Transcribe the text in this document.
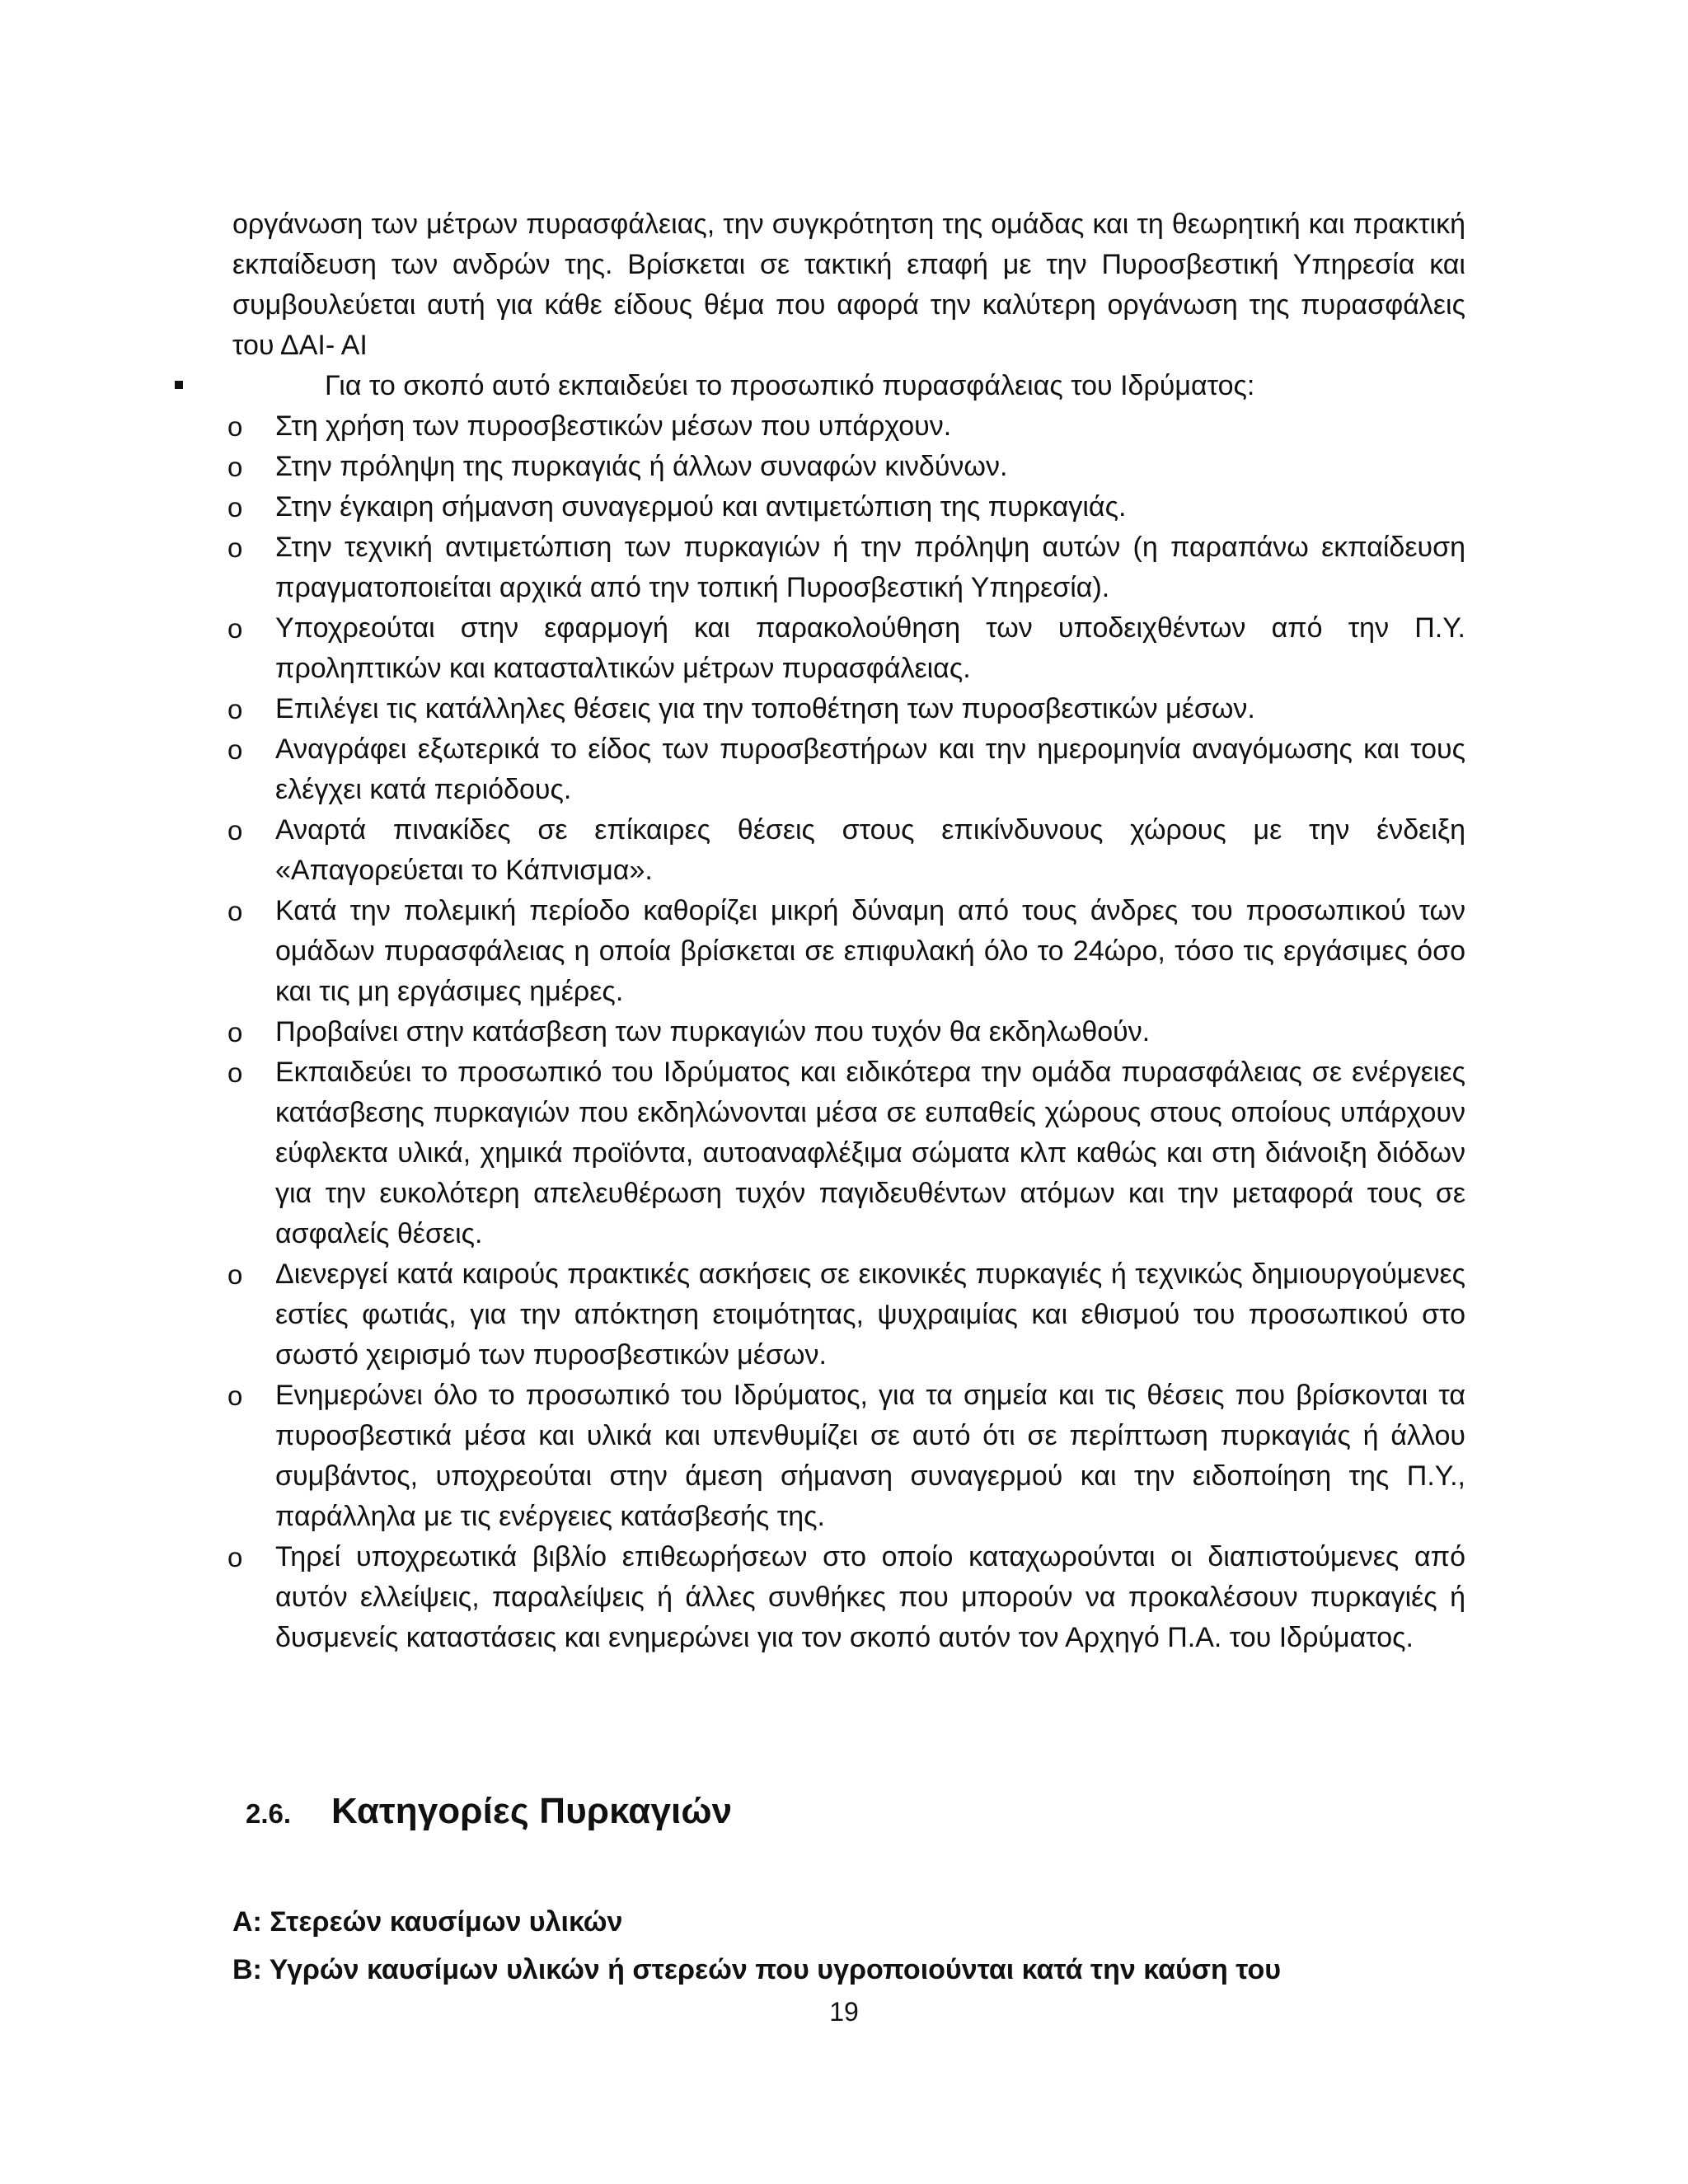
οργάνωση των μέτρων πυρασφάλειας, την συγκρότητση της ομάδας και τη θεωρητική και πρακτική εκπαίδευση των ανδρών της. Βρίσκεται σε τακτική επαφή με την Πυροσβεστική Υπηρεσία και συμβουλεύεται αυτή για κάθε είδους θέμα που αφορά την καλύτερη οργάνωση της πυρασφάλεις του ΔΑΙ- ΑΙ

Για το σκοπό αυτό εκπαιδεύει το προσωπικό πυρασφάλειας του Ιδρύματος:

o Στη χρήση των πυροσβεστικών μέσων που υπάρχουν.
o Στην πρόληψη της πυρκαγιάς ή άλλων συναφών κινδύνων.
o Στην έγκαιρη σήμανση συναγερμού και αντιμετώπιση της πυρκαγιάς.
o Στην τεχνική αντιμετώπιση των πυρκαγιών ή την πρόληψη αυτών (η παραπάνω εκπαίδευση πραγματοποιείται αρχικά από την τοπική Πυροσβεστική Υπηρεσία).
o Υποχρεούται στην εφαρμογή και παρακολούθηση των υποδειχθέντων από την Π.Υ. προληπτικών και κατασταλτικών μέτρων πυρασφάλειας.
o Επιλέγει τις κατάλληλες θέσεις για την τοποθέτηση των πυροσβεστικών μέσων.
o Αναγράφει εξωτερικά το είδος των πυροσβεστήρων και την ημερομηνία αναγόμωσης και τους ελέγχει κατά περιόδους.
o Αναρτά πινακίδες σε επίκαιρες θέσεις στους επικίνδυνους χώρους με την ένδειξη «Απαγορεύεται το Κάπνισμα».
o Κατά την πολεμική περίοδο καθορίζει μικρή δύναμη από τους άνδρες του προσωπικού των ομάδων πυρασφάλειας η οποία βρίσκεται σε επιφυλακή όλο το 24ώρο, τόσο τις εργάσιμες όσο και τις μη εργάσιμες ημέρες.
o Προβαίνει στην κατάσβεση των πυρκαγιών που τυχόν θα εκδηλωθούν.
o Εκπαιδεύει το προσωπικό του Ιδρύματος και ειδικότερα την ομάδα πυρασφάλειας σε ενέργειες κατάσβεσης πυρκαγιών που εκδηλώνονται μέσα σε ευπαθείς χώρους στους οποίους υπάρχουν εύφλεκτα υλικά, χημικά προϊόντα, αυτοαναφλέξιμα σώματα κλπ καθώς και στη διάνοιξη διόδων για την ευκολότερη απελευθέρωση τυχόν παγιδευθέντων ατόμων και την μεταφορά τους σε ασφαλείς θέσεις.
o Διενεργεί κατά καιρούς πρακτικές ασκήσεις σε εικονικές πυρκαγιές ή τεχνικώς δημιουργούμενες εστίες φωτιάς, για την απόκτηση ετοιμότητας, ψυχραιμίας και εθισμού του προσωπικού στο σωστό χειρισμό των πυροσβεστικών μέσων.
o Ενημερώνει όλο το προσωπικό του Ιδρύματος, για τα σημεία και τις θέσεις που βρίσκονται τα πυροσβεστικά μέσα και υλικά και υπενθυμίζει σε αυτό ότι σε περίπτωση πυρκαγιάς ή άλλου συμβάντος, υποχρεούται στην άμεση σήμανση συναγερμού και την ειδοποίηση της Π.Υ., παράλληλα με τις ενέργειες κατάσβεσής της.
o Τηρεί υποχρεωτικά βιβλίο επιθεωρήσεων στο οποίο καταχωρούνται οι διαπιστούμενες από αυτόν ελλείψεις, παραλείψεις ή άλλες συνθήκες που μπορούν να προκαλέσουν πυρκαγιές ή δυσμενείς καταστάσεις και ενημερώνει για τον σκοπό αυτόν τον Αρχηγό Π.Α. του Ιδρύματος.
2.6. Κατηγορίες Πυρκαγιών

Α: Στερεών καυσίμων υλικών

Β: Υγρών καυσίμων υλικών ή στερεών που υγροποιούνται κατά την καύση του

19
